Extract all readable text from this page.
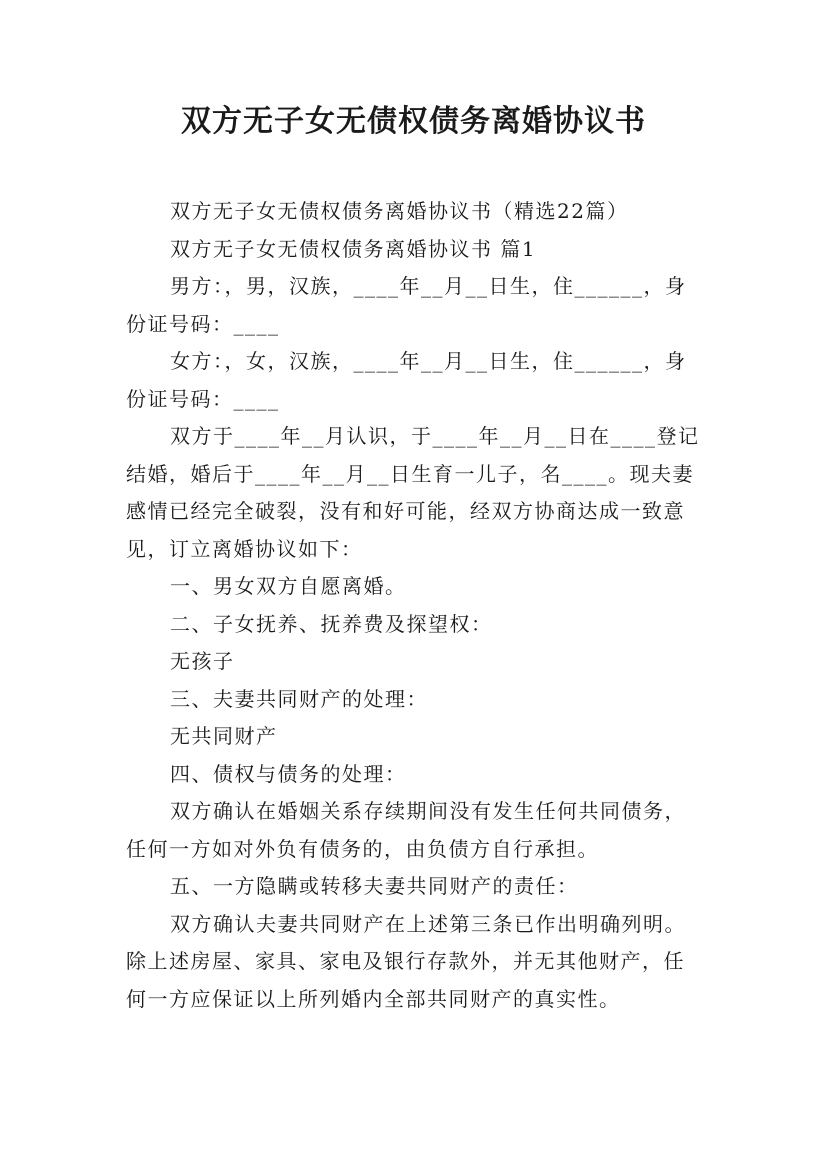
双方无子女无债权债务离婚协议书

双方无子女无债权债务离婚协议书（精选22篇）

双方无子女无债权债务离婚协议书 篇1

男方：，男，汉族，____年__月__日生，住______，身份证号码：____

女方：，女，汉族，____年__月__日生，住______，身份证号码：____

双方于____年__月认识，于____年__月__日在____登记结婚，婚后于____年__月__日生育一儿子，名____。现夫妻感情已经完全破裂，没有和好可能，经双方协商达成一致意见，订立离婚协议如下：

一、男女双方自愿离婚。

二、子女抚养、抚养费及探望权：

无孩子

三、夫妻共同财产的处理：

无共同财产

四、债权与债务的处理：

双方确认在婚姻关系存续期间没有发生任何共同债务，任何一方如对外负有债务的，由负债方自行承担。

五、一方隐瞒或转移夫妻共同财产的责任：

双方确认夫妻共同财产在上述第三条已作出明确列明。除上述房屋、家具、家电及银行存款外，并无其他财产，任何一方应保证以上所列婚内全部共同财产的真实性。
